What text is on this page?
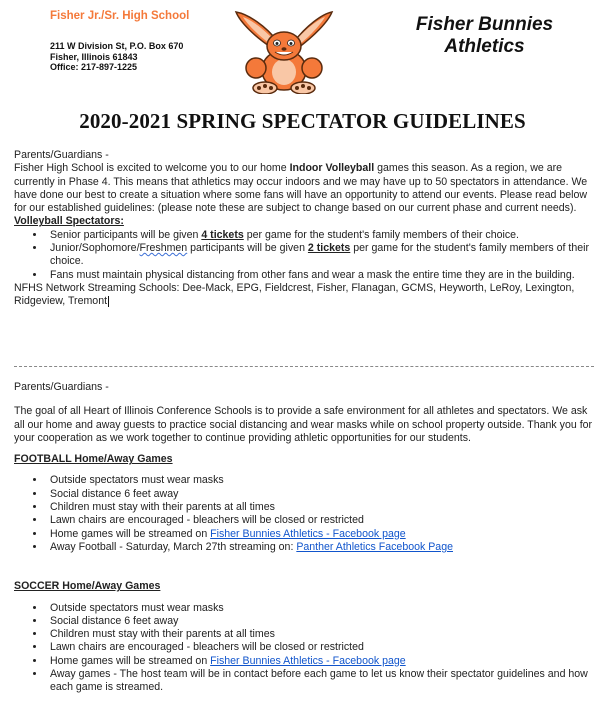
Fisher Jr./Sr. High School
211 W Division St, P.O. Box 670
Fisher, Illinois 61843
Office: 217-897-1225
Fisher Bunnies
Athletics
2020-2021 SPRING SPECTATOR GUIDELINES

Parents/Guardians -

Fisher High School is excited to welcome you to our home Indoor Volleyball games this season. As a region, we are currently in Phase 4. This means that athletics may occur indoors and we may have up to 50 spectators in attendance. We have done our best to create a situation where some fans will have an opportunity to attend our events. Please read below for our established guidelines: (please note these are subject to change based on our current phase and current needs).

Volleyball Spectators:

• Senior participants will be given 4 tickets per game for the student's family members of their choice.
• Junior/Sophomore/Freshmen participants will be given 2 tickets per game for the student's family members of their choice.
• Fans must maintain physical distancing from other fans and wear a mask the entire time they are in the building.

NFHS Network Streaming Schools: Dee-Mack, EPG, Fieldcrest, Fisher, Flanagan, GCMS, Heyworth, LeRoy, Lexington, Ridgeview, Tremont

Parents/Guardians -

The goal of all Heart of Illinois Conference Schools is to provide a safe environment for all athletes and spectators. We ask all our home and away guests to practice social distancing and wear masks while on school property outside. Thank you for your cooperation as we work together to continue providing athletic opportunities for our students.

FOOTBALL Home/Away Games

• Outside spectators must wear masks
• Social distance 6 feet away
• Children must stay with their parents at all times
• Lawn chairs are encouraged - bleachers will be closed or restricted
• Home games will be streamed on Fisher Bunnies Athletics - Facebook page
• Away Football - Saturday, March 27th streaming on: Panther Athletics Facebook Page

SOCCER Home/Away Games

• Outside spectators must wear masks
• Social distance 6 feet away
• Children must stay with their parents at all times
• Lawn chairs are encouraged - bleachers will be closed or restricted
• Home games will be streamed on Fisher Bunnies Athletics - Facebook page
• Away games - The host team will be in contact before each game to let us know their spectator guidelines and how each game is streamed.
